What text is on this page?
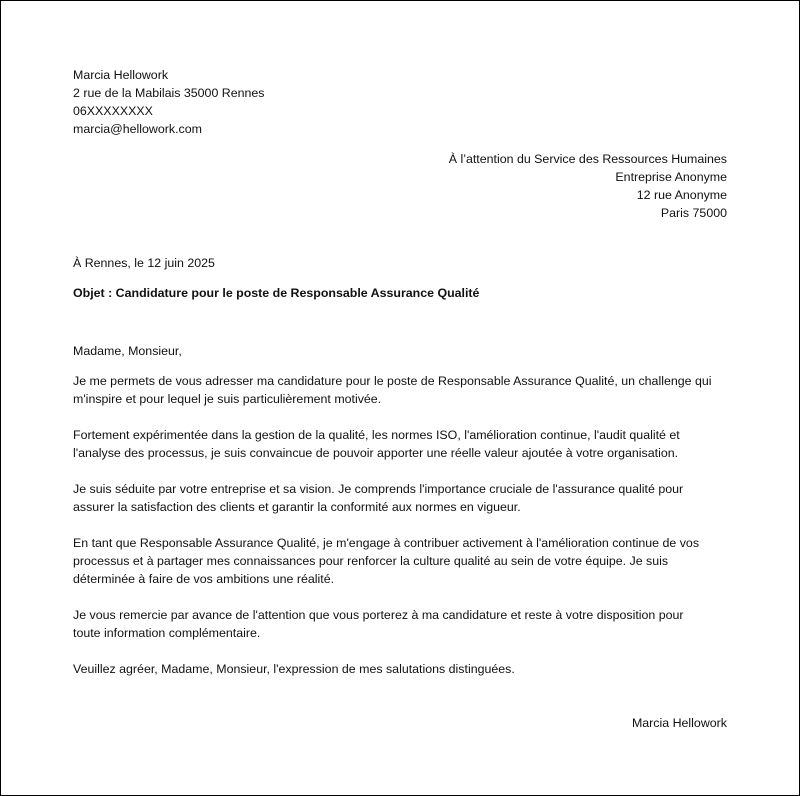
Marcia Hellowork
2 rue de la Mabilais 35000 Rennes
06XXXXXXXX
marcia@hellowork.com
À l’attention du Service des Ressources Humaines
Entreprise Anonyme
12 rue Anonyme
Paris 75000
À Rennes, le 12 juin 2025
Objet : Candidature pour le poste de Responsable Assurance Qualité
Madame, Monsieur,
Je me permets de vous adresser ma candidature pour le poste de Responsable Assurance Qualité, un challenge qui
m'inspire et pour lequel je suis particulièrement motivée.
Fortement expérimentée dans la gestion de la qualité, les normes ISO, l'amélioration continue, l'audit qualité et
l'analyse des processus, je suis convaincue de pouvoir apporter une réelle valeur ajoutée à votre organisation.
Je suis séduite par votre entreprise et sa vision. Je comprends l'importance cruciale de l'assurance qualité pour
assurer la satisfaction des clients et garantir la conformité aux normes en vigueur.
En tant que Responsable Assurance Qualité, je m'engage à contribuer activement à l'amélioration continue de vos
processus et à partager mes connaissances pour renforcer la culture qualité au sein de votre équipe. Je suis
déterminée à faire de vos ambitions une réalité.
Je vous remercie par avance de l'attention que vous porterez à ma candidature et reste à votre disposition pour
toute information complémentaire.
Veuillez agréer, Madame, Monsieur, l'expression de mes salutations distinguées.
Marcia Hellowork
